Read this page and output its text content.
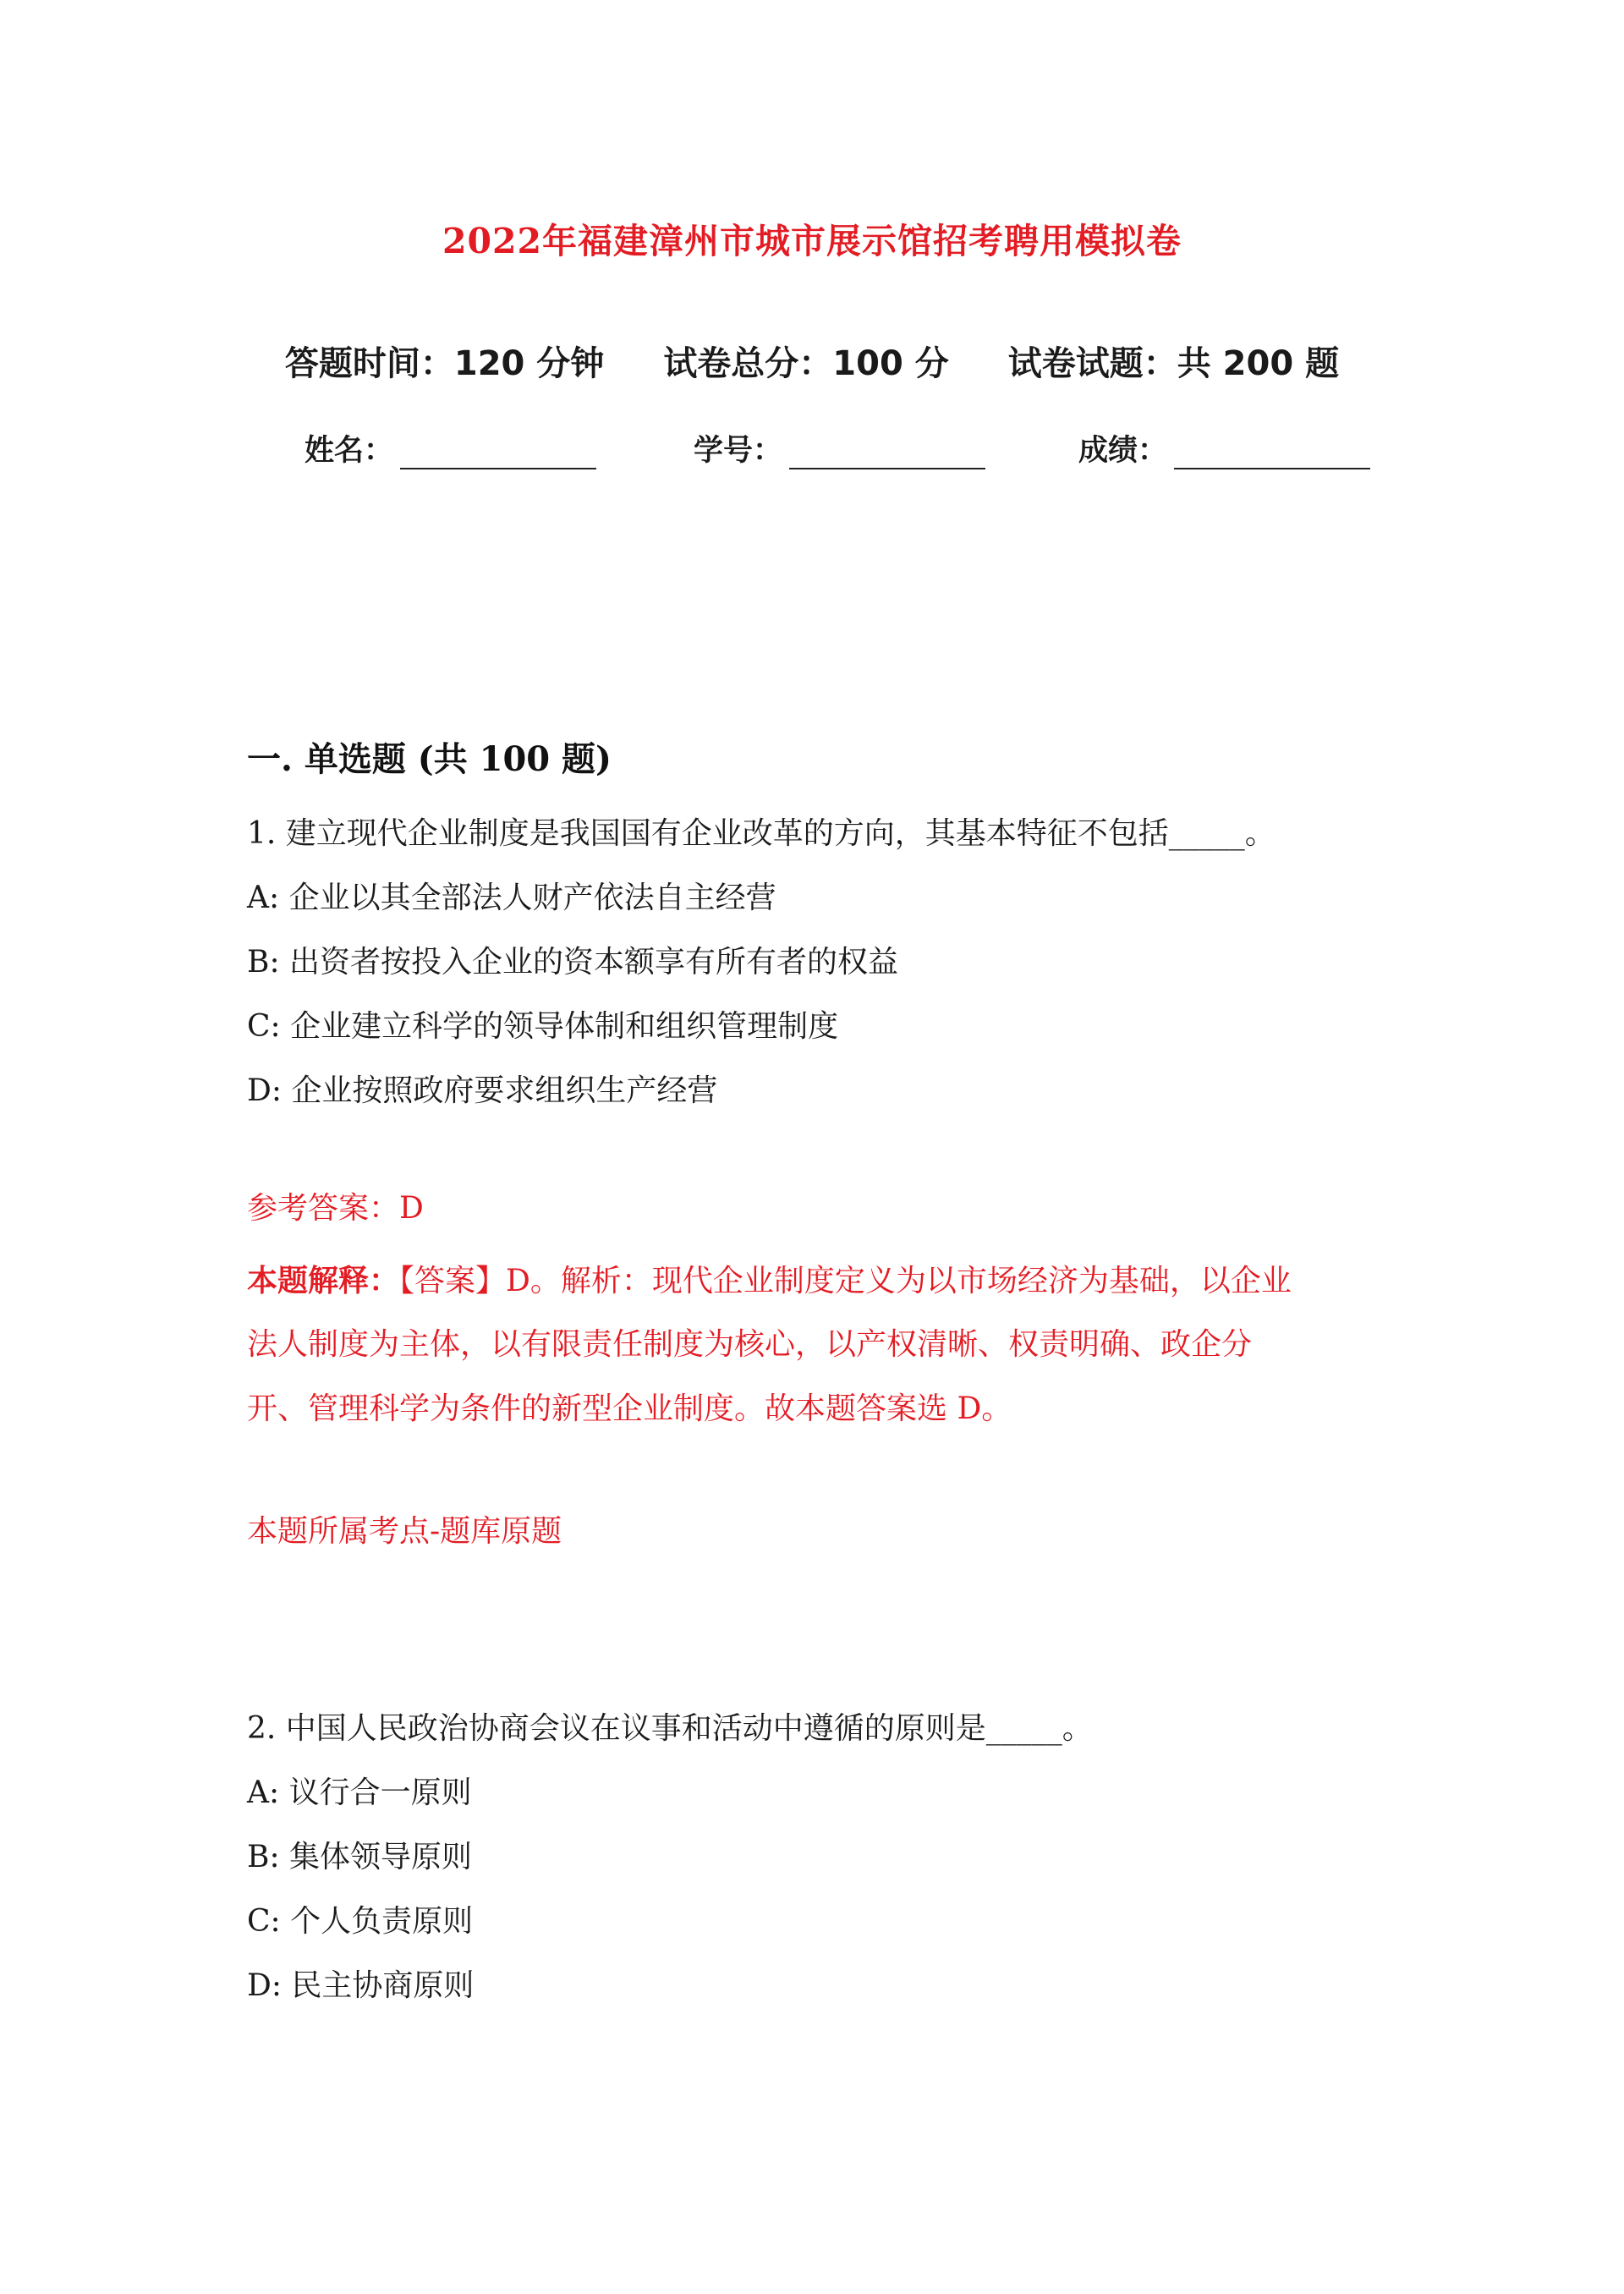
2022年福建漳州市城市展示馆招考聘用模拟卷
答题时间：120 分钟 试卷总分：100 分 试卷试题：共 200 题
姓名：	学号：	成绩：
一. 单选题 (共 100 题)
1. 建立现代企业制度是我国国有企业改革的方向，其基本特征不包括_____。
A: 企业以其全部法人财产依法自主经营
B: 出资者按投入企业的资本额享有所有者的权益
C: 企业建立科学的领导体制和组织管理制度
D: 企业按照政府要求组织生产经营
参考答案：D
本题解释：【答案】D。解析：现代企业制度定义为以市场经济为基础，以企业
法人制度为主体，以有限责任制度为核心，以产权清晰、权责明确、政企分
开、管理科学为条件的新型企业制度。故本题答案选 D。
本题所属考点-题库原题
2. 中国人民政治协商会议在议事和活动中遵循的原则是_____。
A: 议行合一原则
B: 集体领导原则
C: 个人负责原则
D: 民主协商原则
